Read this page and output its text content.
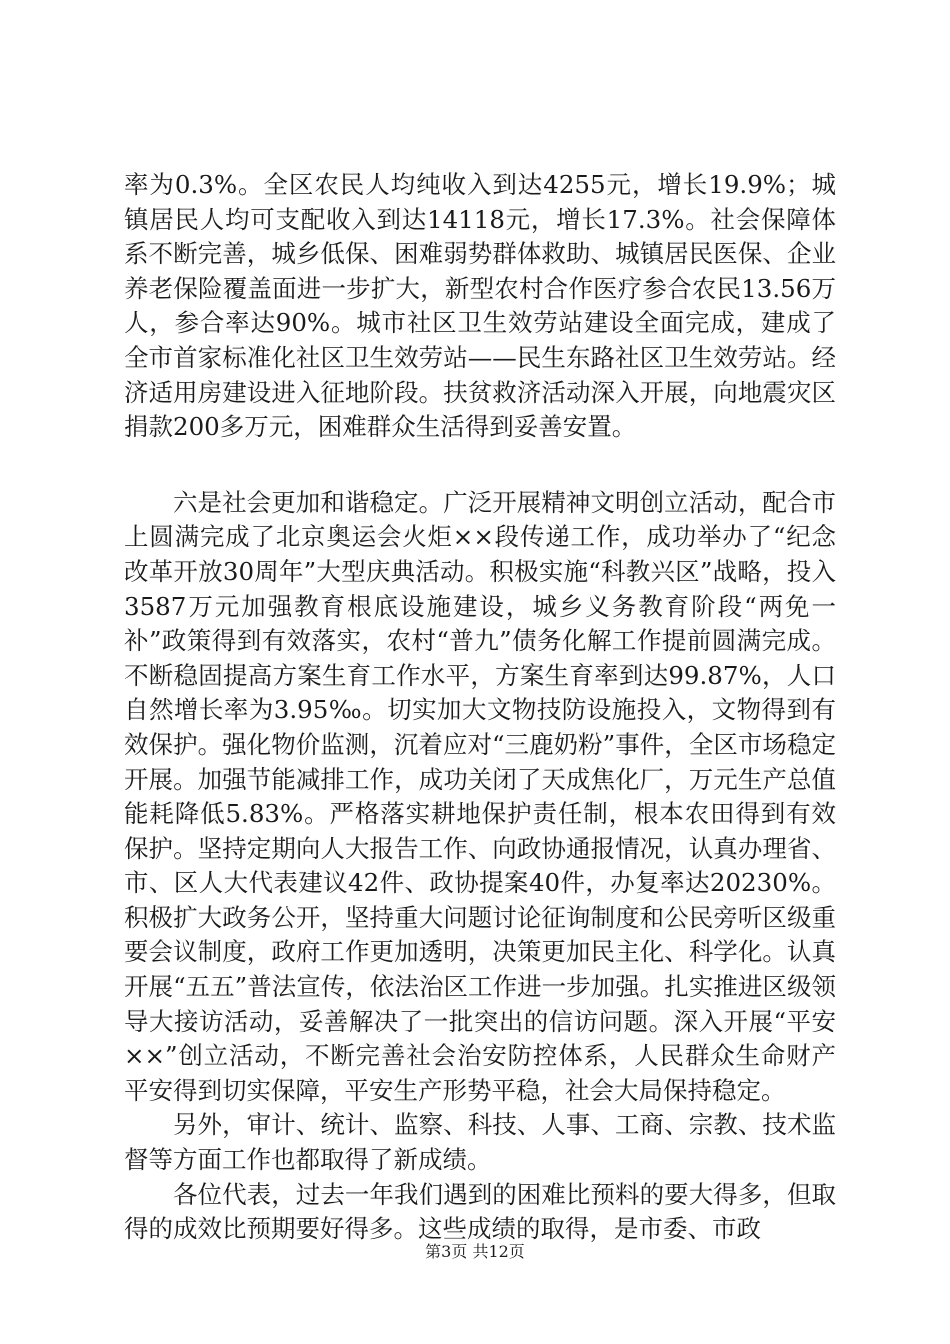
率为0.3%。全区农民人均纯收入到达4255元，增长19.9%；城镇居民人均可支配收入到达14118元，增长17.3%。社会保障体系不断完善，城乡低保、困难弱势群体救助、城镇居民医保、企业养老保险覆盖面进一步扩大，新型农村合作医疗参合农民13.56万人，参合率达90%。城市社区卫生效劳站建设全面完成，建成了全市首家标准化社区卫生效劳站——民生东路社区卫生效劳站。经济适用房建设进入征地阶段。扶贫救济活动深入开展，向地震灾区捐款200多万元，困难群众生活得到妥善安置。

六是社会更加和谐稳定。广泛开展精神文明创立活动，配合市上圆满完成了北京奥运会火炬××段传递工作，成功举办了“纪念改革开放30周年”大型庆典活动。积极实施“科教兴区”战略，投入3587万元加强教育根底设施建设，城乡义务教育阶段“两免一补”政策得到有效落实，农村“普九”债务化解工作提前圆满完成。不断稳固提高方案生育工作水平，方案生育率到达99.87%，人口自然增长率为3.95‰。切实加大文物技防设施投入，文物得到有效保护。强化物价监测，沉着应对“三鹿奶粉”事件，全区市场稳定开展。加强节能减排工作，成功关闭了天成焦化厂，万元生产总值能耗降低5.83%。严格落实耕地保护责任制，根本农田得到有效保护。坚持定期向人大报告工作、向政协通报情况，认真办理省、市、区人大代表建议42件、政协提案40件，办复率达20230%。积极扩大政务公开，坚持重大问题讨论征询制度和公民旁听区级重要会议制度，政府工作更加透明，决策更加民主化、科学化。认真开展“五五”普法宣传，依法治区工作进一步加强。扎实推进区级领导大接访活动，妥善解决了一批突出的信访问题。深入开展“平安××”创立活动，不断完善社会治安防控体系，人民群众生命财产平安得到切实保障，平安生产形势平稳，社会大局保持稳定。

另外，审计、统计、监察、科技、人事、工商、宗教、技术监督等方面工作也都取得了新成绩。

各位代表，过去一年我们遇到的困难比预料的要大得多，但取得的成效比预期要好得多。这些成绩的取得，是市委、市政

第3页 共12页
